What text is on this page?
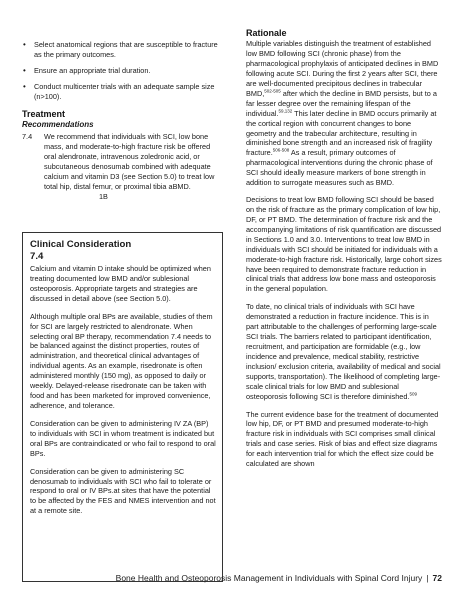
• Select anatomical regions that are susceptible to fracture as the primary outcomes.
• Ensure an appropriate trial duration.
• Conduct multicenter trials with an adequate sample size (n>100).
Treatment
Recommendations
7.4	We recommend that individuals with SCI, low bone mass, and moderate-to-high fracture risk be offered oral alendronate, intravenous zoledronic acid, or subcutaneous denosumab combined with adequate calcium and vitamin D3 (see Section 5.0) to treat low total hip, distal femur, or proximal tibia aBMD.
1B
Clinical Consideration
7.4

Calcium and vitamin D intake should be optimized when treating documented low BMD and/or sublesional osteoporosis. Appropriate targets and strategies are discussed in detail above (see Section 5.0).

Although multiple oral BPs are available, studies of them for SCI are largely restricted to alendronate. When selecting oral BP therapy, recommendation 7.4 needs to be balanced against the distinct properties, routes of administration, and theoretical clinical advantages of individual agents. As an example, risedronate is often administered monthly (150 mg), as opposed to daily or weekly. Delayed-release risedronate can be taken with food and has been marketed for improved convenience, adherence, and tolerance.

Consideration can be given to administering IV ZA (BP) to individuals with SCI in whom treatment is indicated but oral BPs are contraindicated or who fail to respond to oral BPs.

Consideration can be given to administering SC denosumab to individuals with SCI who fail to tolerate or respond to oral or IV BPs.at sites that have the potential to be affected by the FES and NMES intervention and not at a remote site.

Rationale

Multiple variables distinguish the treatment of established low BMD following SCI (chronic phase) from the pharmacological prophylaxis of anticipated declines in BMD following acute SCI. During the first 2 years after SCI, there are well-documented precipitous declines in trabecular BMD,$^{502-505}$ after which the decline in BMD persists, but to a far lesser degree over the remaining lifespan of the individual.$^{59,132}$ This later decline in BMD occurs primarily at the cortical region with concurrent changes to bone geometry and the trabecular architecture, resulting in diminished bone strength and an increased risk of fragility fracture.$^{506-508}$ As a result, primary outcomes of pharmacological interventions during the chronic phase of SCI should ideally measure markers of bone strength in addition to surrogate measures such as BMD.

Decisions to treat low BMD following SCI should be based on the risk of fracture as the primary complication of low hip, DF, or PT BMD. The determination of fracture risk and the accompanying limitations of risk quantification are discussed in Sections 1.0 and 3.0. Interventions to treat low BMD in individuals with SCI should be initiated for individuals with a moderate-to-high fracture risk. Historically, large cohort sizes have been required to demonstrate fracture reduction in clinical trials that address low bone mass and osteoporosis in the general population.

To date, no clinical trials of individuals with SCI have demonstrated a reduction in fracture incidence. This is in part attributable to the challenges of performing large-scale SCI trials. The barriers related to participant identification, recruitment, and participation are formidable (e.g., low incidence and prevalence, medical stability, restrictive inclusion/ exclusion criteria, availability of medical and social supports, transportation). The likelihood of completing large-scale clinical trials for low BMD and sublesional osteoporosis following SCI is therefore diminished.$^{509}$

The current evidence base for the treatment of documented low hip, DF, or PT BMD and presumed moderate-to-high fracture risk in individuals with SCI comprises small clinical trials and case series. Risk of bias and effect size diagrams for each intervention trial for which the effect size could be calculated are shown

Bone Health and Osteoporosis Management in Individuals with Spinal Cord Injury | 72
